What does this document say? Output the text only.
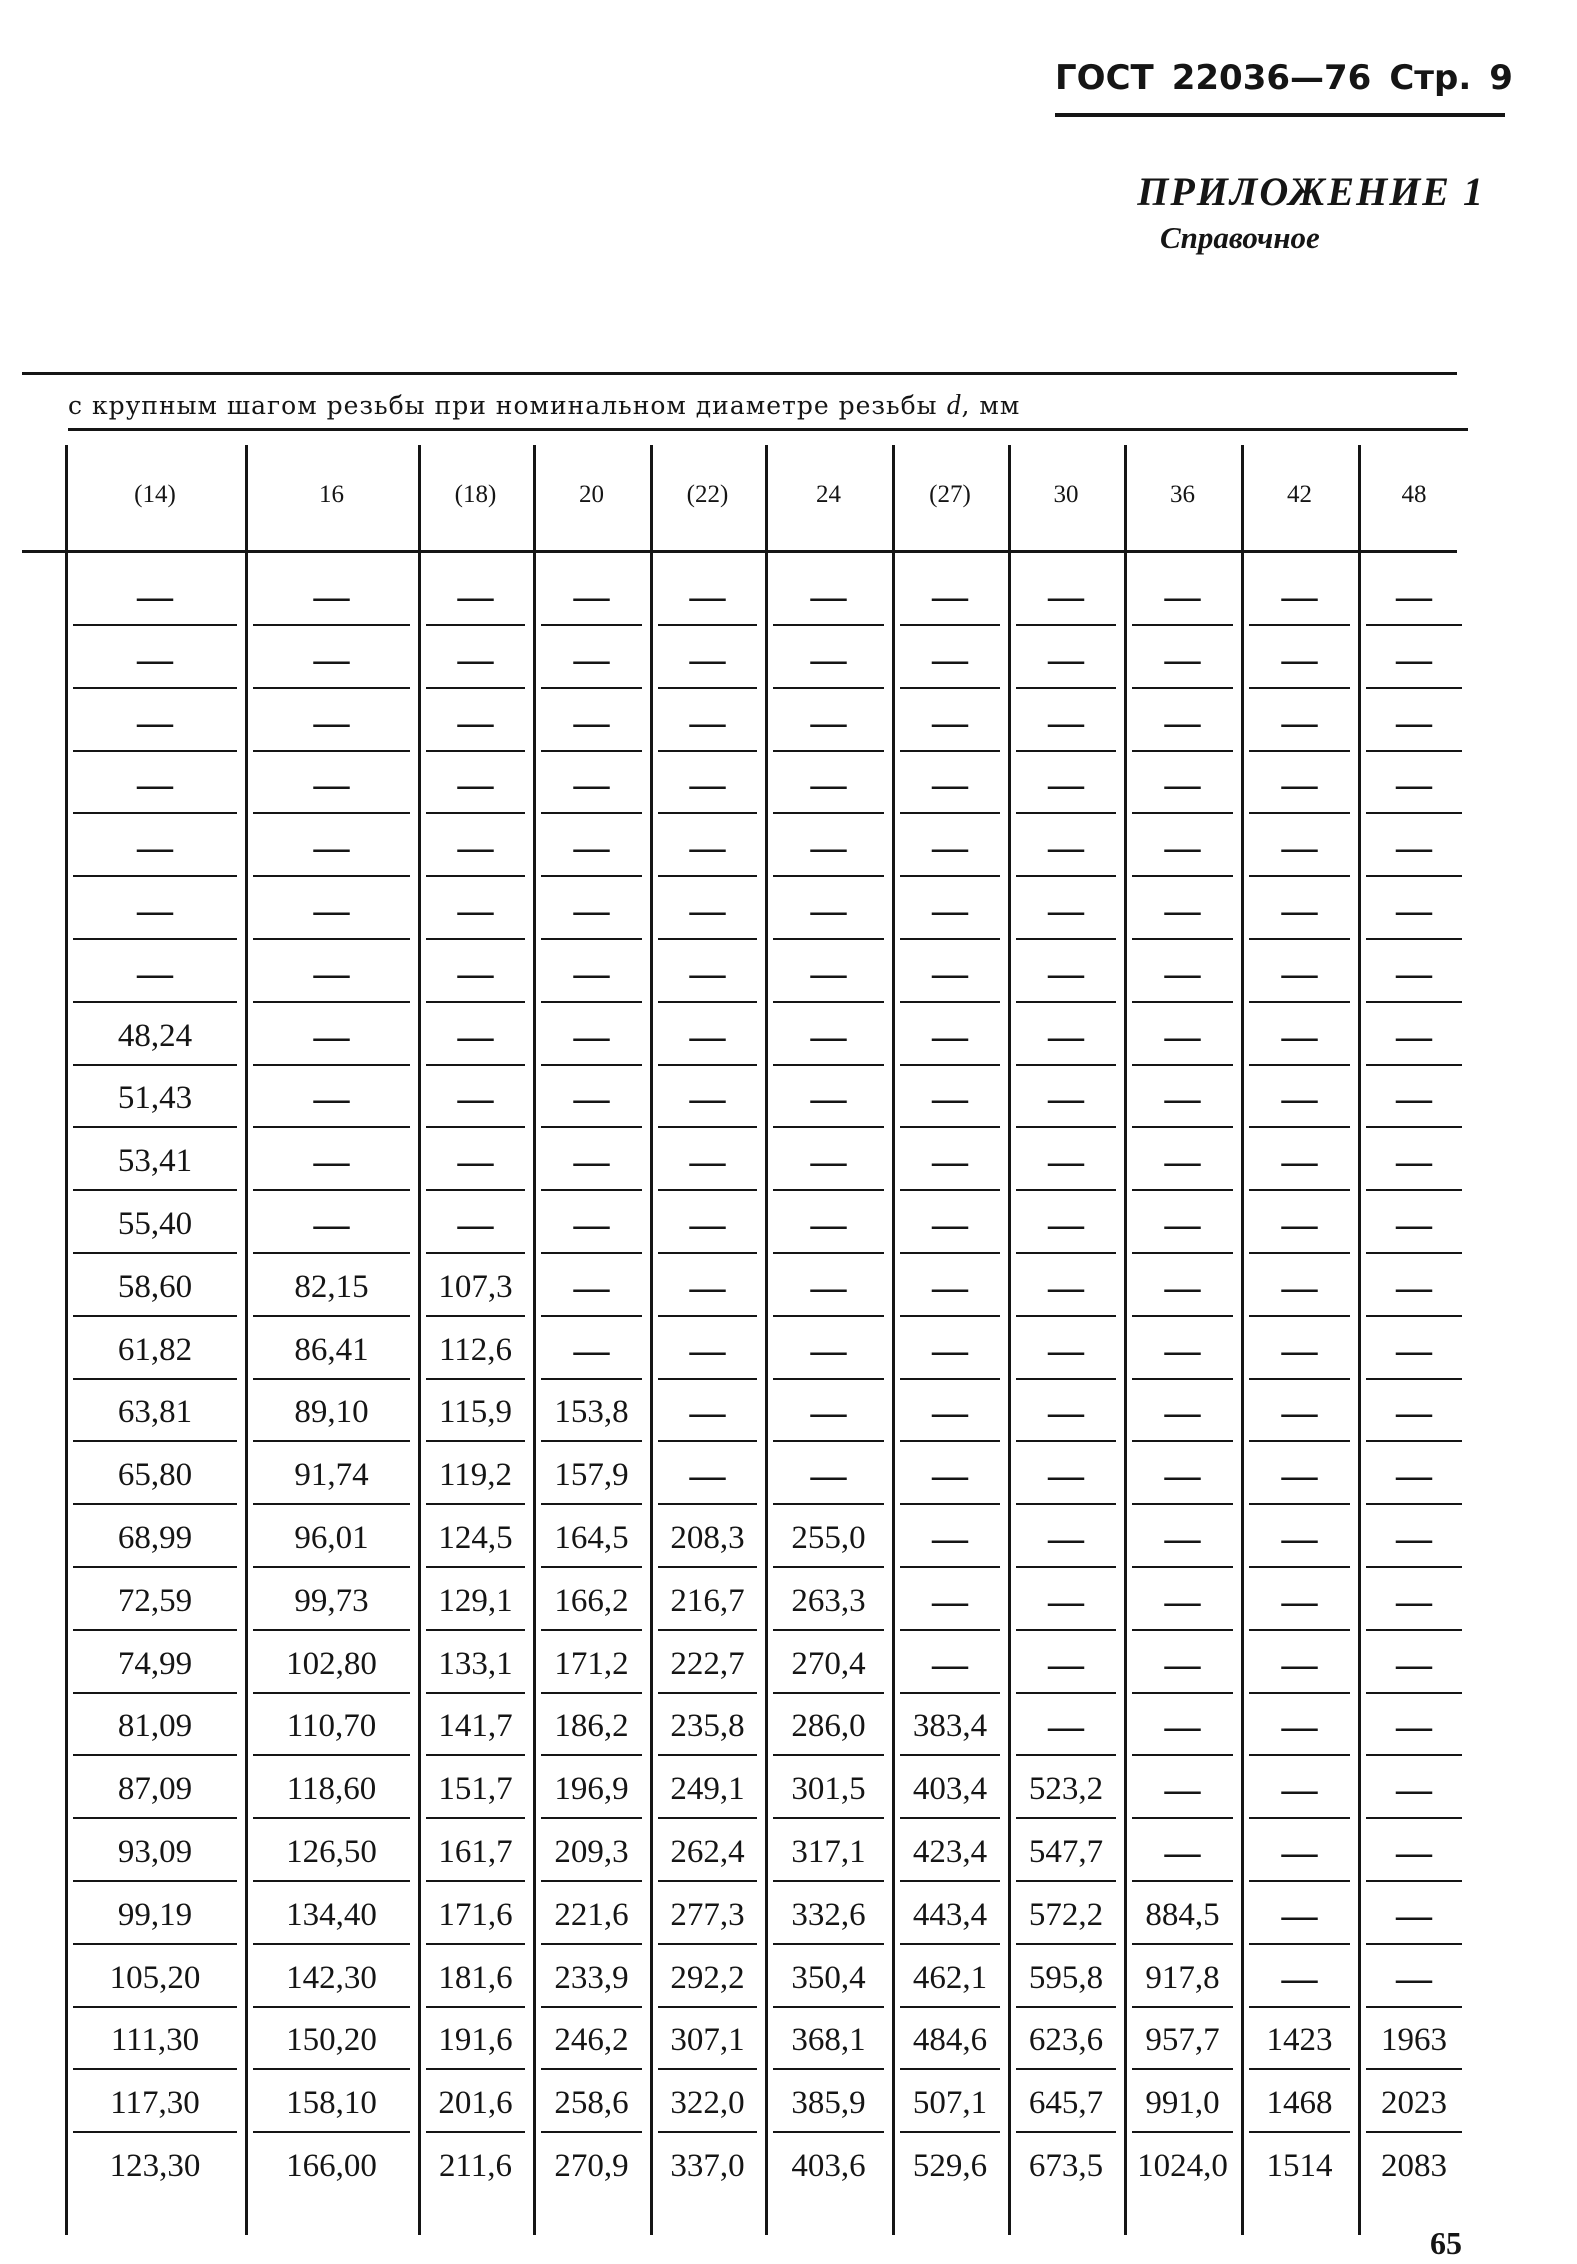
ГОСТ 22036—76 Стр. 9
ПРИЛОЖЕНИЕ 1
Справочное
с крупным шагом резьбы при номинальном диаметре резьбы d, мм
(14)	16	(18)	20	(22)	24	(27)	30	36	42	48
—	—	—	—	—	—	—	—	—	—	—
—	—	—	—	—	—	—	—	—	—	—
—	—	—	—	—	—	—	—	—	—	—
—	—	—	—	—	—	—	—	—	—	—
—	—	—	—	—	—	—	—	—	—	—
—	—	—	—	—	—	—	—	—	—	—
—	—	—	—	—	—	—	—	—	—	—
48,24	—	—	—	—	—	—	—	—	—	—
51,43	—	—	—	—	—	—	—	—	—	—
53,41	—	—	—	—	—	—	—	—	—	—
55,40	—	—	—	—	—	—	—	—	—	—
58,60	82,15	107,3	—	—	—	—	—	—	—	—
61,82	86,41	112,6	—	—	—	—	—	—	—	—
63,81	89,10	115,9	153,8	—	—	—	—	—	—	—
65,80	91,74	119,2	157,9	—	—	—	—	—	—	—
68,99	96,01	124,5	164,5	208,3	255,0	—	—	—	—	—
72,59	99,73	129,1	166,2	216,7	263,3	—	—	—	—	—
74,99	102,80	133,1	171,2	222,7	270,4	—	—	—	—	—
81,09	110,70	141,7	186,2	235,8	286,0	383,4	—	—	—	—
87,09	118,60	151,7	196,9	249,1	301,5	403,4	523,2	—	—	—
93,09	126,50	161,7	209,3	262,4	317,1	423,4	547,7	—	—	—
99,19	134,40	171,6	221,6	277,3	332,6	443,4	572,2	884,5	—	—
105,20	142,30	181,6	233,9	292,2	350,4	462,1	595,8	917,8	—	—
111,30	150,20	191,6	246,2	307,1	368,1	484,6	623,6	957,7	1423	1963
117,30	158,10	201,6	258,6	322,0	385,9	507,1	645,7	991,0	1468	2023
123,30	166,00	211,6	270,9	337,0	403,6	529,6	673,5	1024,0	1514	2083
65
